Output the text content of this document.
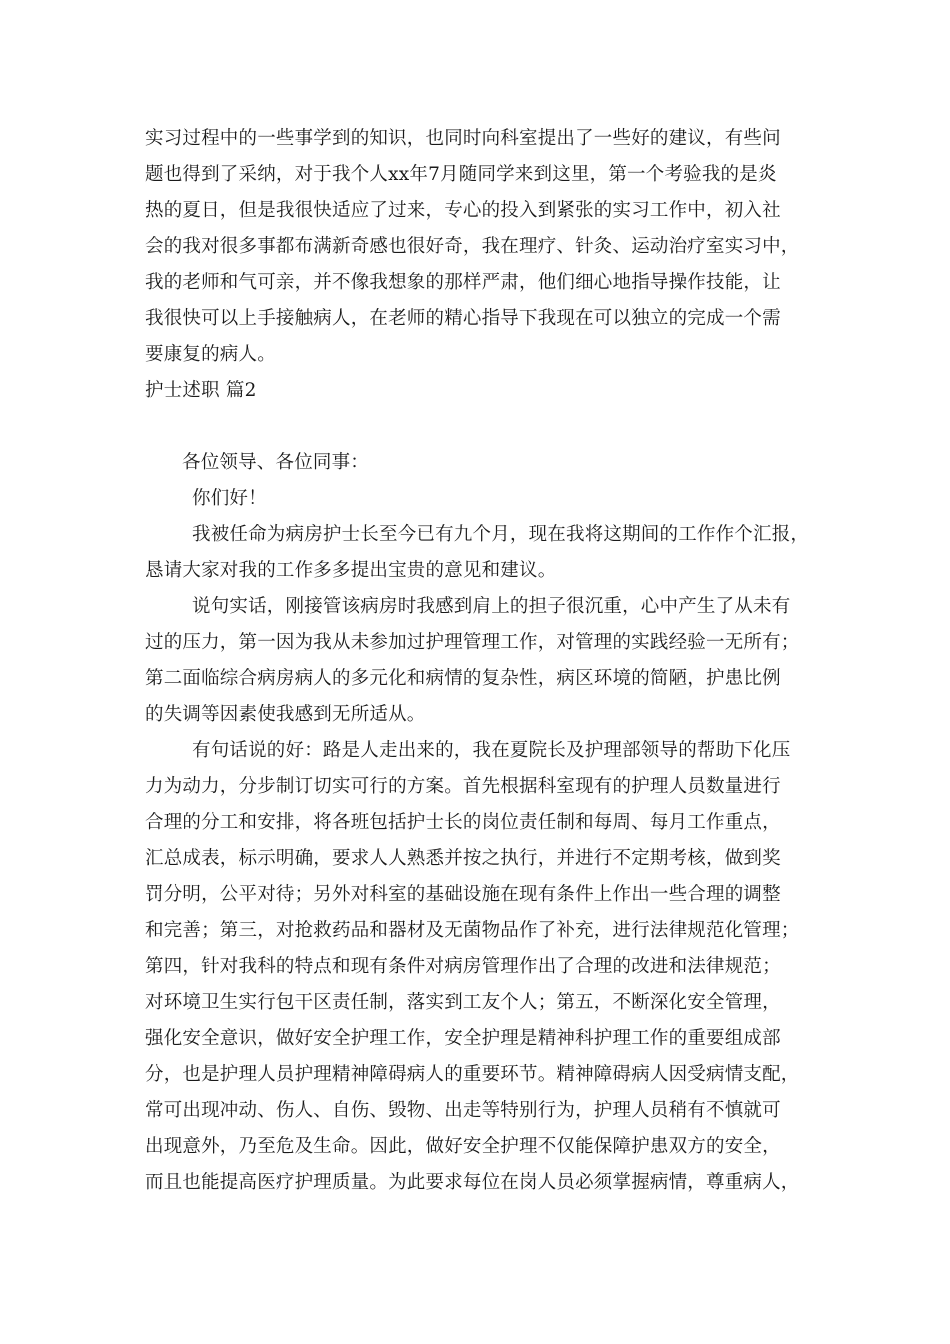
实习过程中的一些事学到的知识，也同时向科室提出了一些好的建议，有些问
题也得到了采纳，对于我个人xx年7月随同学来到这里，第一个考验我的是炎
热的夏日，但是我很快适应了过来，专心的投入到紧张的实习工作中，初入社
会的我对很多事都布满新奇感也很好奇，我在理疗、针灸、运动治疗室实习中，
我的老师和气可亲，并不像我想象的那样严肃，他们细心地指导操作技能，让
我很快可以上手接触病人，在老师的精心指导下我现在可以独立的完成一个需
要康复的病人。
护士述职 篇2
各位领导、各位同事：
你们好！
我被任命为病房护士长至今已有九个月，现在我将这期间的工作作个汇报，
恳请大家对我的工作多多提出宝贵的意见和建议。
说句实话，刚接管该病房时我感到肩上的担子很沉重，心中产生了从未有
过的压力，第一因为我从未参加过护理管理工作，对管理的实践经验一无所有；
第二面临综合病房病人的多元化和病情的复杂性，病区环境的简陋，护患比例
的失调等因素使我感到无所适从。
有句话说的好：路是人走出来的，我在夏院长及护理部领导的帮助下化压
力为动力，分步制订切实可行的方案。首先根据科室现有的护理人员数量进行
合理的分工和安排，将各班包括护士长的岗位责任制和每周、每月工作重点，
汇总成表，标示明确，要求人人熟悉并按之执行，并进行不定期考核，做到奖
罚分明，公平对待；另外对科室的基础设施在现有条件上作出一些合理的调整
和完善；第三，对抢救药品和器材及无菌物品作了补充，进行法律规范化管理；
第四，针对我科的特点和现有条件对病房管理作出了合理的改进和法律规范；
对环境卫生实行包干区责任制，落实到工友个人；第五，不断深化安全管理，
强化安全意识，做好安全护理工作，安全护理是精神科护理工作的重要组成部
分，也是护理人员护理精神障碍病人的重要环节。精神障碍病人因受病情支配，
常可出现冲动、伤人、自伤、毁物、出走等特别行为，护理人员稍有不慎就可
出现意外，乃至危及生命。因此，做好安全护理不仅能保障护患双方的安全，
而且也能提高医疗护理质量。为此要求每位在岗人员必须掌握病情，尊重病人，
